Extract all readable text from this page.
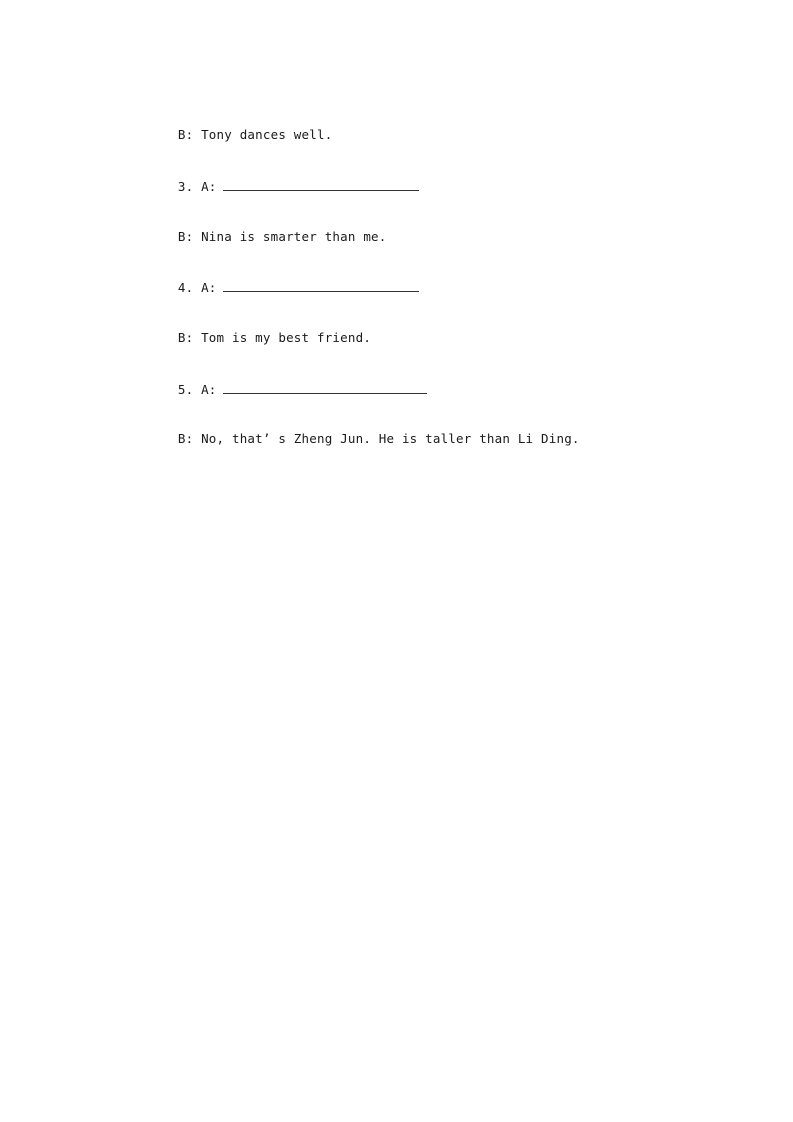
B: Tony dances well.

3. A:

B: Nina is smarter than me.

4. A:

B: Tom is my best friend.

5. A:

B: No, that’ s Zheng Jun. He is taller than Li Ding.
